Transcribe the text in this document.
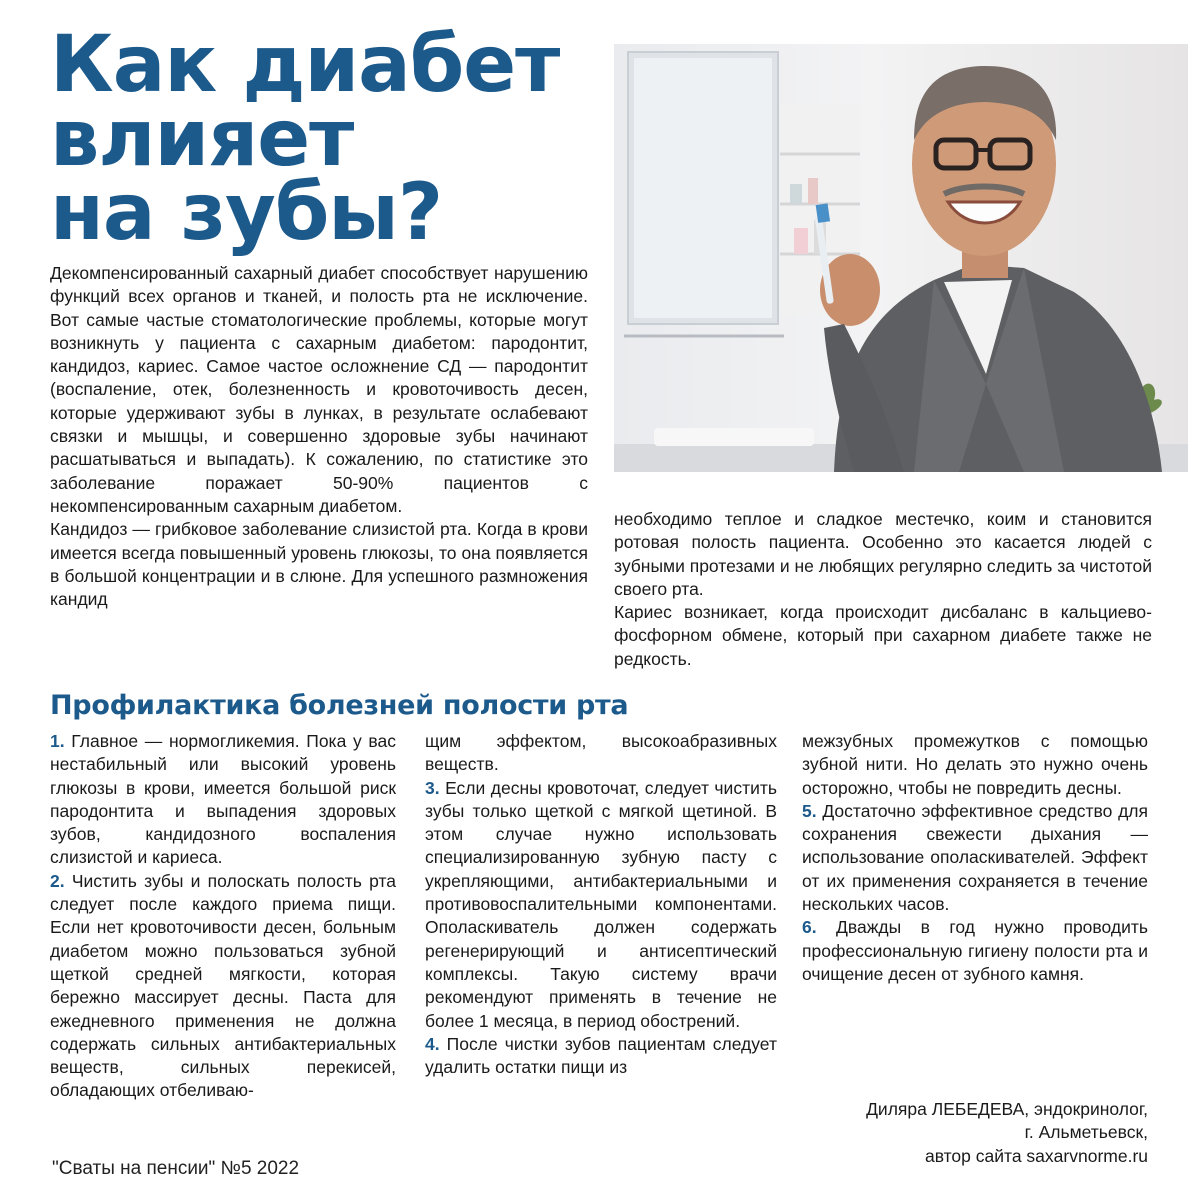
Как диабет
влияет
на зубы?

Декомпенсированный сахарный диабет способствует нарушению функций всех органов и тканей, и полость рта не исключение. Вот самые частые стоматологические проблемы, которые могут возникнуть у пациента с сахарным диабетом: пародонтит, кандидоз, кариес. Самое частое осложнение СД — пародонтит (воспаление, отек, болезненность и кровоточивость десен, которые удерживают зубы в лунках, в результате ослабевают связки и мышцы, и совершенно здоровые зубы начинают расшатываться и выпадать). К сожалению, по статистике это заболевание поражает 50-90% пациентов с некомпенсированным сахарным диабетом.

Кандидоз — грибковое заболевание слизистой рта. Когда в крови имеется всегда повышенный уровень глюкозы, то она появляется в большой концентрации и в слюне. Для успешного размножения кандид

необходимо теплое и сладкое местечко, коим и становится ротовая полость пациента. Особенно это касается людей с зубными протезами и не любящих регулярно следить за чистотой своего рта.

Кариес возникает, когда происходит дисбаланс в кальциево-фосфорном обмене, который при сахарном диабете также не редкость.

Профилактика болезней полости рта

1. Главное — нормогликемия. Пока у вас нестабильный или высокий уровень глюкозы в крови, имеется большой риск пародонтита и выпадения здоровых зубов, кандидозного воспаления слизистой и кариеса.

2. Чистить зубы и полоскать полость рта следует после каждого приема пищи. Если нет кровоточивости десен, больным диабетом можно пользоваться зубной щеткой средней мягкости, которая бережно массирует десны. Паста для ежедневного применения не должна содержать сильных антибактериальных веществ, сильных перекисей, обладающих отбеливаю-

щим эффектом, высокоабразивных веществ.

3. Если десны кровоточат, следует чистить зубы только щеткой с мягкой щетиной. В этом случае нужно использовать специализированную зубную пасту с укрепляющими, антибактериальными и противовоспалительными компонентами. Ополаскиватель должен содержать регенерирующий и антисептический комплексы. Такую систему врачи рекомендуют применять в течение не более 1 месяца, в период обострений.

4. После чистки зубов пациентам следует удалить остатки пищи из

межзубных промежутков с помощью зубной нити. Но делать это нужно очень осторожно, чтобы не повредить десны.

5. Достаточно эффективное средство для сохранения свежести дыхания — использование ополаскивателей. Эффект от их применения сохраняется в течение нескольких часов.

6. Дважды в год нужно проводить профессиональную гигиену полости рта и очищение десен от зубного камня.

Диляра ЛЕБЕДЕВА, эндокринолог,
г. Альметьевск,
автор сайта saxarvnorme.ru

"Сваты на пенсии" №5 2022
